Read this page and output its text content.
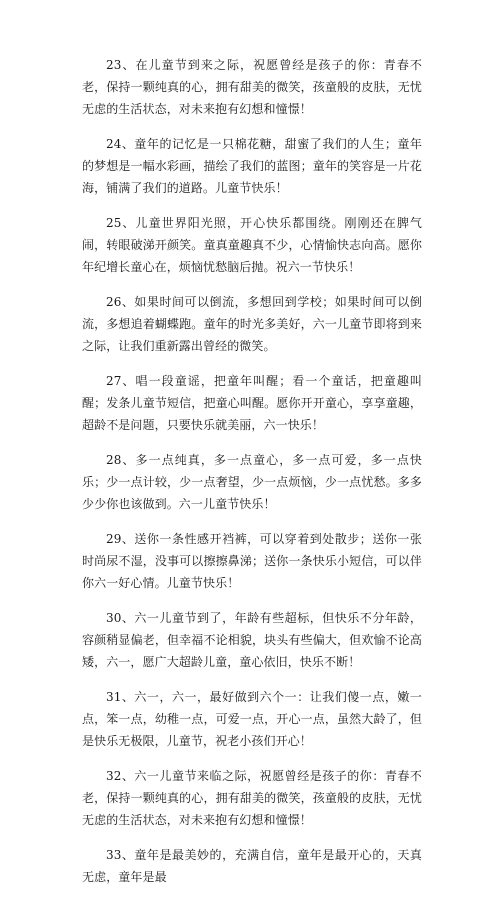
23、在儿童节到来之际，祝愿曾经是孩子的你：青春不老，保持一颗纯真的心，拥有甜美的微笑，孩童般的皮肤，无忧无虑的生活状态，对未来抱有幻想和憧憬！

24、童年的记忆是一只棉花糖，甜蜜了我们的人生；童年的梦想是一幅水彩画，描绘了我们的蓝图；童年的笑容是一片花海，铺满了我们的道路。儿童节快乐！

25、儿童世界阳光照，开心快乐都围绕。刚刚还在脾气闹，转眼破涕开颜笑。童真童趣真不少，心情愉快志向高。愿你年纪增长童心在，烦恼忧愁脑后抛。祝六一节快乐！

26、如果时间可以倒流，多想回到学校；如果时间可以倒流，多想追着蝴蝶跑。童年的时光多美好，六一儿童节即将到来之际，让我们重新露出曾经的微笑。

27、唱一段童谣，把童年叫醒；看一个童话，把童趣叫醒；发条儿童节短信，把童心叫醒。愿你开开童心，享享童趣，超龄不是问题，只要快乐就美丽，六一快乐！

28、多一点纯真，多一点童心，多一点可爱，多一点快乐；少一点计较，少一点奢望，少一点烦恼，少一点忧愁。多多少少你也该做到。六一儿童节快乐！

29、送你一条性感开裆裤，可以穿着到处散步；送你一张时尚尿不湿，没事可以擦擦鼻涕；送你一条快乐小短信，可以伴你六一好心情。儿童节快乐！

30、六一儿童节到了，年龄有些超标，但快乐不分年龄，容颜稍显偏老，但幸福不论相貌，块头有些偏大，但欢愉不论高矮，六一，愿广大超龄儿童，童心依旧，快乐不断！

31、六一，六一，最好做到六个一：让我们傻一点，嫩一点，笨一点，幼稚一点，可爱一点，开心一点，虽然大龄了，但是快乐无极限，儿童节，祝老小孩们开心！

32、六一儿童节来临之际，祝愿曾经是孩子的你：青春不老，保持一颗纯真的心，拥有甜美的微笑，孩童般的皮肤，无忧无虑的生活状态，对未来抱有幻想和憧憬！

33、童年是最美妙的，充满自信，童年是最开心的，天真无虑，童年是最
